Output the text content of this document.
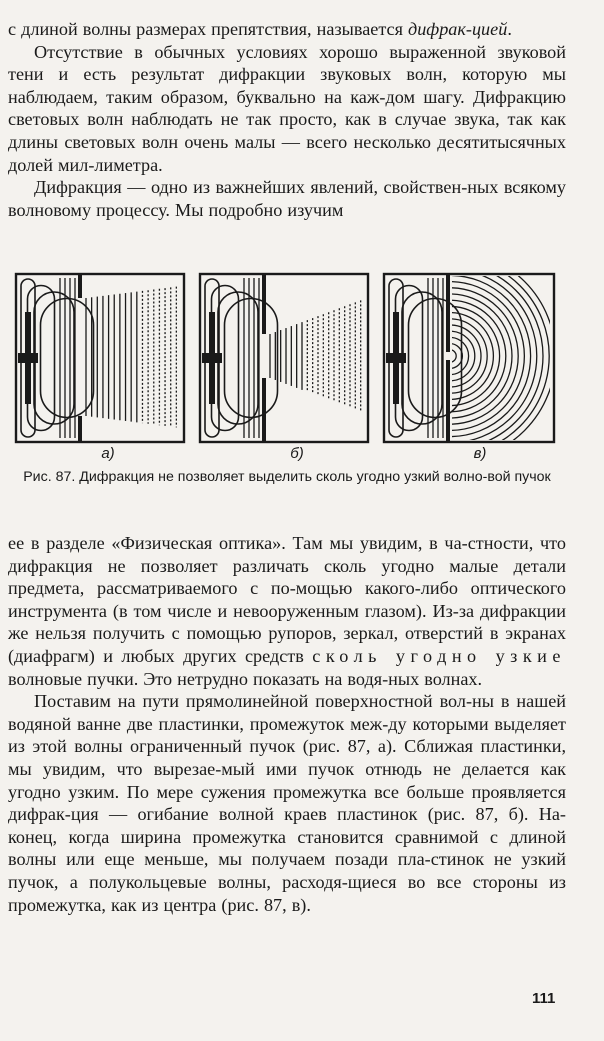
с длиной волны размерах препятствия, называется дифрак-цией.

Отсутствие в обычных условиях хорошо выраженной звуковой тени и есть результат дифракции звуковых волн, которую мы наблюдаем, таким образом, буквально на каж-дом шагу. Дифракцию световых волн наблюдать не так просто, как в случае звука, так как длины световых волн очень малы — всего несколько десятитысячных долей мил-лиметра.

Дифракция — одно из важнейших явлений, свойствен-ных всякому волновому процессу. Мы подробно изучим

а)	б)	в)
Рис. 87. Дифракция не позволяет выделить сколь угодно узкий волно-вой пучок

ее в разделе «Физическая оптика». Там мы увидим, в ча-стности, что дифракция не позволяет различать сколь угодно малые детали предмета, рассматриваемого с по-мощью какого-либо оптического инструмента (в том числе и невооруженным глазом). Из-за дифракции же нельзя получить с помощью рупоров, зеркал, отверстий в экранах (диафрагм) и любых других средств сколь угодно узкие волновые пучки. Это нетрудно показать на водя-ных волнах.

Поставим на пути прямолинейной поверхностной вол-ны в нашей водяной ванне две пластинки, промежуток меж-ду которыми выделяет из этой волны ограниченный пучок (рис. 87, а). Сближая пластинки, мы увидим, что вырезае-мый ими пучок отнюдь не делается как угодно узким. По мере сужения промежутка все больше проявляется дифрак-ция — огибание волной краев пластинок (рис. 87, б). На-конец, когда ширина промежутка становится сравнимой с длиной волны или еще меньше, мы получаем позади пла-стинок не узкий пучок, а полукольцевые волны, расходя-щиеся во все стороны из промежутка, как из центра (рис. 87, в).

111
